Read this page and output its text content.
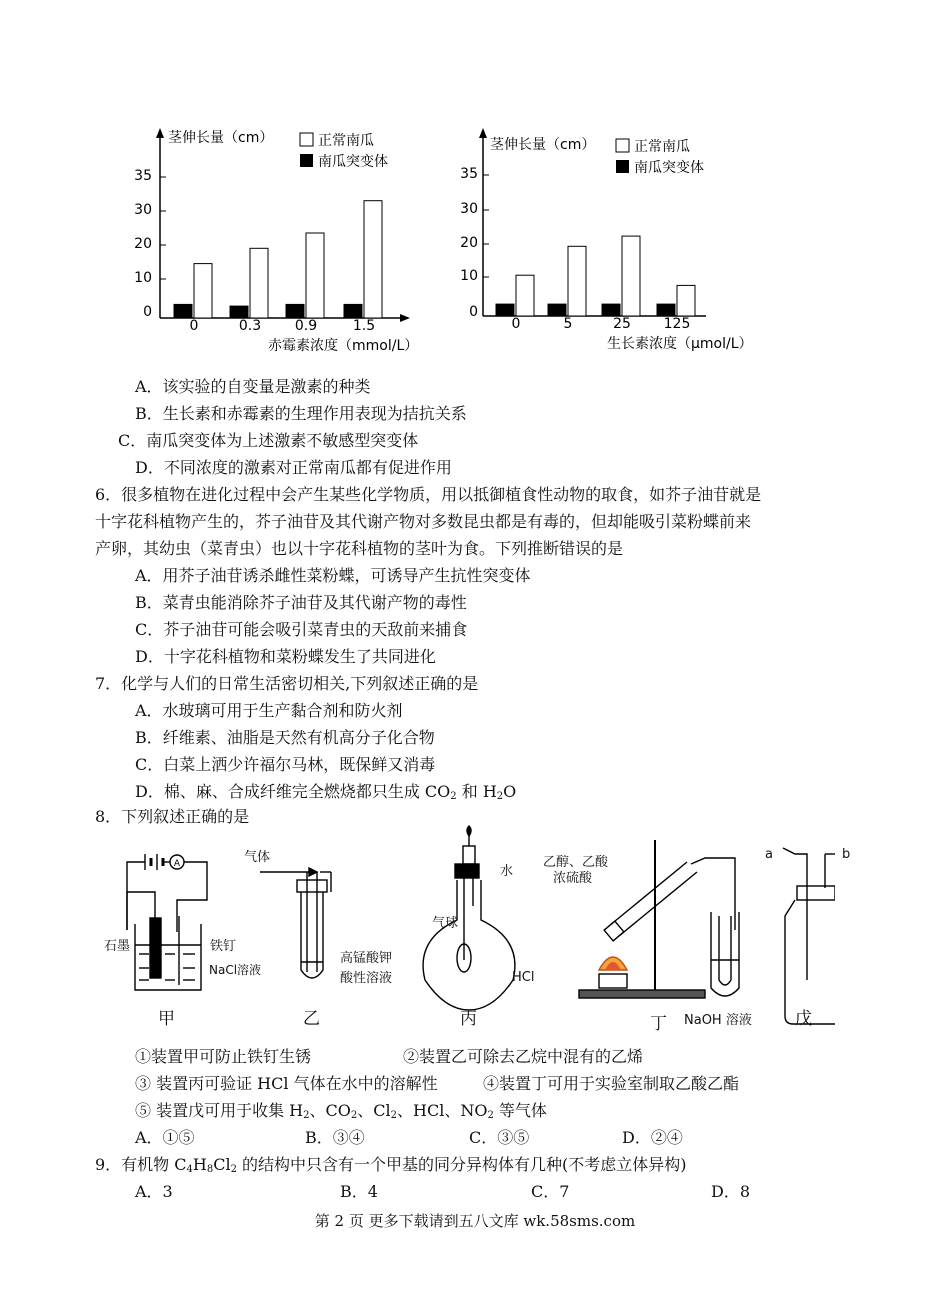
35
30
20
10
0
茎伸长量（cm）	正常南瓜
南瓜突变体
0	0.3 0.9	1.5
赤霉素浓度（mmol/L）
35
30
20
10
0
茎伸长量（cm）	正常南瓜
南瓜突变体
0	5	25 125
生长素浓度（μmol/L）
A．该实验的自变量是激素的种类
B．生长素和赤霉素的生理作用表现为拮抗关系
C．南瓜突变体为上述激素不敏感型突变体
D．不同浓度的激素对正常南瓜都有促进作用
6．很多植物在进化过程中会产生某些化学物质，用以抵御植食性动物的取食，如芥子油苷就是
十字花科植物产生的，芥子油苷及其代谢产物对多数昆虫都是有毒的，但却能吸引菜粉蝶前来
产卵，其幼虫（菜青虫）也以十字花科植物的茎叶为食。下列推断错误的是
A．用芥子油苷诱杀雌性菜粉蝶，可诱导产生抗性突变体
B．菜青虫能消除芥子油苷及其代谢产物的毒性
C．芥子油苷可能会吸引菜青虫的天敌前来捕食
D．十字花科植物和菜粉蝶发生了共同进化
7．化学与人们的日常生活密切相关,下列叙述正确的是
A．水玻璃可用于生产黏合剂和防火剂
B．纤维素、油脂是天然有机高分子化合物
C．白菜上洒少许福尔马林，既保鲜又消毒
D．棉、麻、合成纤维完全燃烧都只生成 $CO_2$ 和 $H_2O$
8．下列叙述正确的是
A
石墨	铁钉
NaCl溶液
甲
气体
高锰酸钾
酸性溶液
乙
水
气球
HCl
丙
乙醇、乙酸
浓硫酸
NaOH 溶液
丁
a	b
戊
①装置甲可防止铁钉生锈	②装置乙可除去乙烷中混有的乙烯
③ 装置丙可验证 HCl 气体在水中的溶解性	④装置丁可用于实验室制取乙酸乙酯
⑤ 装置戊可用于收集 $H_2$、$CO_2$、$Cl_2$、HCl、$NO_2$ 等气体
A．①⑤	B．③④	C．③⑤	D．②④
9．有机物 $C_4H_8Cl_2$ 的结构中只含有一个甲基的同分异构体有几种(不考虑立体异构)
A．3	B．4	C．7	D．8
第 2 页 更多下载请到五八文库 wk.58sms.com
